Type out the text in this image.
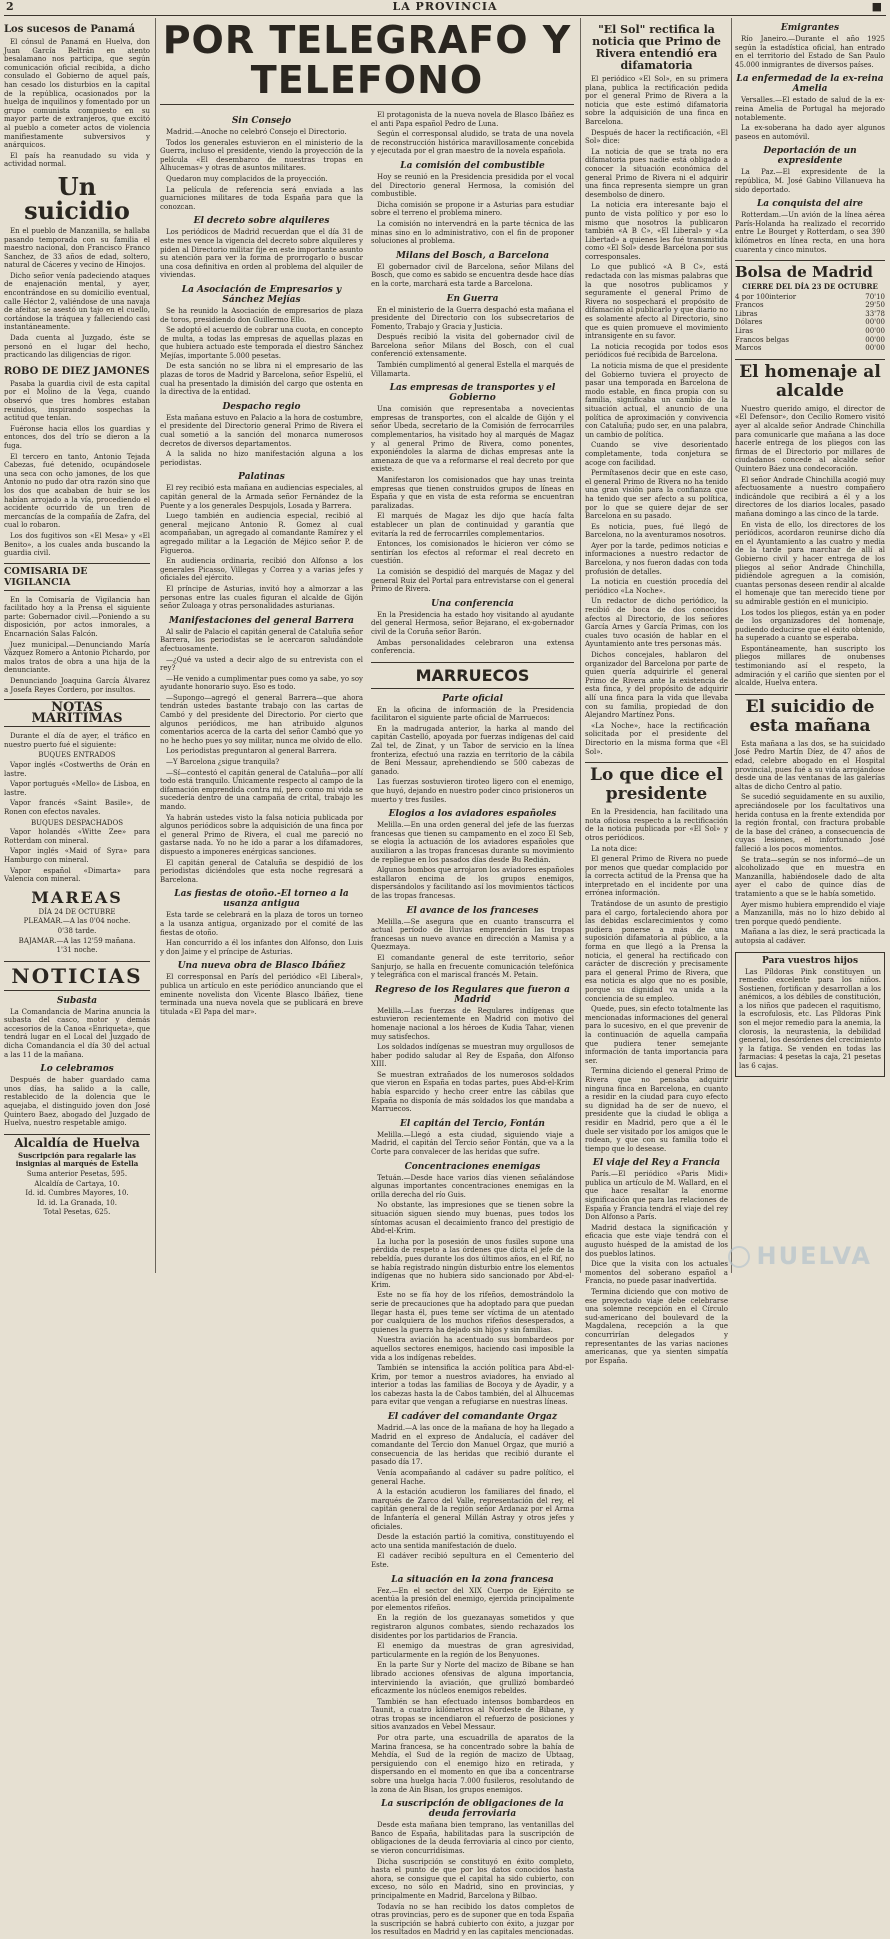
2	LA PROVINCIA	■
Los sucesos de Panamá

El cónsul de Panamá en Huelva, don Juan García Beltrán en atento besalamano nos participa, que según comunicación oficial recibida, a dicho consulado el Gobierno de aquel país, han cesado los disturbios en la capital de la república, ocasionados por la huelga de inquilinos y fomentado por un grupo comunista compuesto en su mayor parte de extranjeros, que excitó al pueblo a cometer actos de violencia manifiestamente subversivos y anárquicos.

El país ha reanudado su vida y actividad normal.

Un suicidio

En el pueblo de Manzanilla, se hallaba pasando temporada con su familia el maestro nacional, don Francisco Franco Sanchez, de 33 años de edad, soltero, natural de Cáceres y vecino de Hinojos.

Dicho señor venía padeciendo ataques de enajenación mental, y ayer, encontrándose en su domicilio eventual, calle Héctor 2, valiéndose de una navaja de afeitar, se asestó un tajo en el cuello, cortándose la tráquea y falleciendo casi instantáneamente.

Dada cuenta al Juzgado, éste se personó en el lugar del hecho, practicando las diligencias de rigor.

ROBO DE DIEZ JAMONES

Pasaba la guardia civil de esta capital por el Molino de la Vega, cuando observó que tres hombres estaban reunidos, inspirando sospechas la actitud que tenían.

Fuéronse hacia ellos los guardias y entonces, dos del trío se dieron a la fuga.

El tercero en tanto, Antonio Tejada Cabezas, fué detenido, ocupándosele una seca con ocho jamones, de los que Antonio no pudo dar otra razón sino que los dos que acababan de huir se los habían arrojado a la vía, procediendo el accidente ocurrido de un tren de mercancías de la compañía de Zafra, del cual lo robaron.

Los dos fugitivos son «El Mesa» y «El Benito», a los cuales anda buscando la guardia civil.

COMISARIA DE VIGILANCIA

En la Comisaría de Vigilancia han facilitado hoy a la Prensa el siguiente parte: Gobernador civil.—Poniendo a su disposición, por actos inmorales, a Encarnación Salas Falcón.

Juez municipal.—Denunciando María Vázquez Romero a Antonio Pichardo, por malos tratos de obra a una hija de la denunciante.

Denunciando Joaquina García Álvarez a Josefa Reyes Cordero, por insultos.

NOTAS MARÍTIMAS

Durante el día de ayer, el tráfico en nuestro puerto fué el siguiente:

BUQUES ENTRADOS

Vapor inglés «Costwerths de Orán en lastre.

Vapor portugués «Mello» de Lisboa, en lastre.

Vapor francés «Saint Basile», de Ronen con efectos navales.

BUQUES DESPACHADOS

Vapor holandés «Witte Zee» para Rotterdam con mineral.

Vapor inglés «Maid of Syra» para Hamburgo con mineral.

Vapor español «Dimarta» para Valencia con mineral.

MAREAS
DÍA 24 DE OCTUBRE
PLEAMAR.—A las 0'04 noche.
0'38 tarde.
BAJAMAR.—A las 12'59 mañana.
1'31 noche.
NOTICIAS
Subasta

La Comandancia de Marina anuncia la subasta del casco, motor y demás accesorios de la Canoa «Enriqueta», que tendrá lugar en el Local del Juzgado de dicha Comandancia el día 30 del actual a las 11 de la mañana.

Lo celebramos

Después de haber guardado cama unos días, ha salido a la calle, restablecido de la dolencia que le aquejaba, el distinguido joven don José Quintero Baez, abogado del Juzgado de Huelva, nuestro respetable amigo.

Alcaldía de Huelva
Suscripción para regalarle las insignias al marqués de Estella
Suma anterior Pesetas, 595.
Alcaldía de Cartaya, 10.
Id. id. Cumbres Mayores, 10.
Id. id. La Granada, 10.
Total Pesetas, 625.
POR TELEGRAFO Y TELEFONO
Sin Consejo

Madrid.—Anoche no celebró Consejo el Directorio.

Todos los generales estuvieron en el ministerio de la Guerra, incluso el presidente, viendo la proyección de la película «El desembarco de nuestras tropas en Alhucemas» y otras de asuntos militares.

Quedaron muy complacidos de la proyección.

La película de referencia será enviada a las guarniciones militares de toda España para que la conozcan.

El decreto sobre alquileres

Los periódicos de Madrid recuerdan que el día 31 de este mes vence la vigencia del decreto sobre alquileres y piden al Directorio militar fije en este importante asunto su atención para ver la forma de prorrogarlo o buscar una cosa definitiva en orden al problema del alquiler de viviendas.

La Asociación de Empresarios y Sánchez Mejías

Se ha reunido la Asociación de empresarios de plaza de toros, presidiendo don Guillermo Ello.

Se adoptó el acuerdo de cobrar una cuota, en concepto de multa, a todas las empresas de aquellas plazas en que hubiera actuado este temporada el diestro Sánchez Mejías, importante 5.000 pesetas.

De esta sanción no se libra ni el empresario de las plazas de toros de Madrid y Barcelona, señor Espeliú, el cual ha presentado la dimisión del cargo que ostenta en la directiva de la entidad.

Despacho regio

Esta mañana estuvo en Palacio a la hora de costumbre, el presidente del Directorio general Primo de Rivera el cual sometió a la sanción del monarca numerosos decretos de diversos departamentos.

A la salida no hizo manifestación alguna a los periodistas.

Palatinas

El rey recibió esta mañana en audiencias especiales, al capitán general de la Armada señor Fernández de la Puente y a los generales Despujols, Losada y Barrera.

Luego también en audiencia especial, recibió al general mejicano Antonio R. Gomez al cual acompañaban, un agregado al comandante Ramírez y el agregado militar a la Legación de Méjico señor P. de Figueroa.

En audiencia ordinaria, recibió don Alfonso a los generales Picasso, Villegas y Correa y a varias jefes y oficiales del ejército.

El príncipe de Asturias, invitó hoy a almorzar a las personas entre las cuales figuran el alcalde de Gijón señor Zuloaga y otras personalidades asturianas.

Manifestaciones del general Barrera

Al salir de Palacio el capitán general de Cataluña señor Barrera, los periodistas se le acercaron saludándole afectuosamente.

—¿Qué va usted a decir algo de su entrevista con el rey?

—He venido a cumplimentar pues como ya sabe, yo soy ayudante honorario suyo. Eso es todo.

—Supongo—agregó el general Barrera—que ahora tendrán ustedes bastante trabajo con las cartas de Cambó y del presidente del Directorio. Por cierto que algunos periódicos, me han atribuido algunos comentarios acerca de la carta del señor Cambó que yo no he hecho pues yo soy militar, nunca me olvido de ello.

Los periodistas preguntaron al general Barrera.

—Y Barcelona ¿sigue tranquila?

—Sí—contestó el capitán general de Cataluña—por allí todo está tranquilo. Unicamente respecto al campo de la difamación emprendida contra mí, pero como mi vida se sucedería dentro de una campaña de crital, trabajo les mando.

Ya habrán ustedes visto la falsa noticia publicada por algunos periódicos sobre la adquisición de una finca por el general Primo de Rivera, el cual me pareció no gastarse nada. Yo no he ido a parar a los difamadores, dispuesto a imponeres enérgicas sanciones.

El capitán general de Cataluña se despidió de los periodistas diciéndoles que esta noche regresará a Barcelona.

Las fiestas de otoño.-El torneo a la usanza antigua

Esta tarde se celebrará en la plaza de toros un torneo a la usanza antigua, organizado por el comité de las fiestas de otoño.

Han concurrido a él los infantes don Alfonso, don Luis y don Jaime y el príncipe de Asturias.

Una nueva obra de Blasco Ibáñez

El corresponsal en París del periódico «El Liberal», publica un artículo en este periódico anunciando que el eminente novelista don Vicente Blasco Ibáñez, tiene terminada una nueva novela que se publicará en breve titulada «El Papa del mar».

El protagonista de la nueva novela de Blasco Ibáñez es el anti Papa español Pedro de Luna.

Según el corresponsal aludido, se trata de una novela de reconstrucción histórica maravillosamente concebida y ejecutada por el gran maestro de la novela española.

La comisión del combustible

Hoy se reunió en la Presidencia presidida por el vocal del Directorio general Hermosa, la comisión del combustible.

Dicha comisión se propone ir a Asturias para estudiar sobre el terreno el problema minero.

La comisión no intervendrá en la parte técnica de las minas sino en lo administrativo, con el fin de proponer soluciones al problema.

Milans del Bosch, a Barcelona

El gobernador civil de Barcelona, señor Milans del Bosch, que como es sabido se encuentra desde hace días en la corte, marchará esta tarde a Barcelona.

En Guerra

En el ministerio de la Guerra despachó esta mañana el presidente del Directorio con los subsecretarios de Fomento, Trabajo y Gracia y Justicia.

Después recibió la visita del gobernador civil de Barcelona señor Milans del Bosch, con el cual conferenció extensamente.

También cumplimentó al general Estella el marqués de Villamarta.

Las empresas de transportes y el Gobierno

Una comisión que representaba a novecientas empresas de transportes, con el alcalde de Gijón y el señor Ubeda, secretario de la Comisión de ferrocarriles complementarios, ha visitado hoy al marqués de Magaz y al general Primo de Rivera, como ponentes, exponiéndoles la alarma de dichas empresas ante la amenaza de que va a reformarse el real decreto por que existe.

Manifestaron los comisionados que hay unas treinta empresas que tienen construidos grupos de líneas en España y que en vista de esta reforma se encuentran paralizadas.

El marqués de Magaz les dijo que hacía falta establecer un plan de continuidad y garantía que evitaría la red de ferrocarriles complementarios.

Entonces, los comisionados le hicieron ver cómo se sentirían los efectos al reformar el real decreto en cuestión.

La comisión se despidió del marqués de Magaz y del general Ruiz del Portal para entrevistarse con el general Primo de Rivera.

Una conferencia

En la Presidencia ha estado hoy visitando al ayudante del general Hermosa, señor Bejarano, el ex-gobernador civil de la Coruña señor Barón.

Ambas personalidades celebraron una extensa conferencia.

MARRUECOS
Parte oficial

En la oficina de información de la Presidencia facilitaron el siguiente parte oficial de Marruecos:

En la madrugada anterior, la harka al mando del capitán Castelló, apoyada por fuerzas indígenas del caid Zal tel, de Zinat, y un Tabor de servicio en la línea fronteriza, efectuó una razzia en territorio de la cábila de Beni Messaur, aprehendiendo se 500 cabezas de ganado.

Las fuerzas sostuvieron tiroteo ligero con el enemigo, que huyó, dejando en nuestro poder cinco prisioneros un muerto y tres fusiles.

Elogios a los aviadores españoles

Melilla.—En una orden general del jefe de las fuerzas francesas que tienen su campamento en el zoco El Seb, se elogia la actuación de los aviadores españoles que auxiliaron a las tropas francesas durante su movimiento de repliegue en los pasados días desde Bu Redián.

Algunos bombos que arrojaron los aviadores españoles estallaron encima de los grupos enemigos, dispersándolos y facilitando así los movimientos tácticos de las tropas francesas.

El avance de los franceses

Melilla.—Se asegura que en cuanto transcurra el actual período de lluvias emprenderán las tropas francesas un nuevo avance en dirección a Mamisa y a Quezmaya.

El comandante general de este territorio, señor Sanjurjo, se halla en frecuente comunicación telefónica y telegráfica con el mariscal francés M. Petain.

Regreso de los Regulares que fueron a Madrid

Melilla.—Las fuerzas de Regulares indígenas que estuvieron recientemente en Madrid con motivo del homenaje nacional a los héroes de Kudia Tahar, vienen muy satisfechos.

Los soldados indígenas se muestran muy orgullosos de haber podido saludar al Rey de España, don Alfonso XIII.

Se muestran extrañados de los numerosos soldados que vieron en España en todas partes, pues Abd-el-Krim había esparcido y hecho creer entre las cábilas que España no disponía de más soldados los que mandaba a Marruecos.

El capitán del Tercio, Fontán

Melilla.—Llegó a esta ciudad, siguiendo viaje a Madrid, el capitán del Tercio señor Fontán, que va a la Corte para convalecer de las heridas que sufre.

Concentraciones enemigas

Tetuán.—Desde hace varios días vienen señalándose algunas importantes concentraciones enemigas en la orilla derecha del río Guis.

No obstante, las impresiones que se tienen sobre la situación siguen siendo muy buenas, pues todos los síntomas acusan el decaimiento franco del prestigio de Abd-el-Krim.

La lucha por la posesión de unos fusiles supone una pérdida de respeto a las órdenes que dicta el jefe de la rebeldía, pues durante los dos últimos años, en el Rif, no se había registrado ningún disturbio entre los elementos indígenas que no hubiera sido sancionado por Abd-el-Krim.

Este no se fía hoy de los rifeños, demostrándolo la serie de precauciones que ha adoptado para que puedan llegar hasta él, pues teme ser víctima de un atentado por cualquiera de los muchos rifeños desesperados, a quienes la guerra ha dejado sin hijos y sin familias.

Nuestra aviación ha acentuado sus bombardeos por aquellos sectores enemigos, haciendo casi imposible la vida a los indígenas rebeldes.

También se intensifica la acción política para Abd-el-Krim, por temor a nuestros aviadores, ha enviado al interior a todas las familias de Bocoya y de Ayadir, y a los cabezas hasta la de Cabos también, del al Alhucemas para evitar que vengan a refugiarse en nuestras líneas.

El cadáver del comandante Orgaz

Madrid.—A las once de la mañana de hoy ha llegado a Madrid en el expreso de Andalucía, el cadáver del comandante del Tercio don Manuel Orgaz, que murió a consecuencia de las heridas que recibió durante el pasado día 17.

Venía acompañando al cadáver su padre político, el general Hache.

A la estación acudieron los familiares del finado, el marqués de Zarco del Valle, representación del rey, el capitán general de la región señor Ardanaz por el Arma de Infantería el general Millán Astray y otros jefes y oficiales.

Desde la estación partió la comitiva, constituyendo el acto una sentida manifestación de duelo.

El cadáver recibió sepultura en el Cementerio del Este.

La situación en la zona francesa

Fez.—En el sector del XIX Cuerpo de Ejército se acentúa la presión del enemigo, ejercida principalmente por elementos rifeños.

En la región de los guezanayas sometidos y que registraron algunos combates, siendo rechazados los disidentes por los partidarios de Francia.

El enemigo da muestras de gran agresividad, particularmente en la región de los Benyuones.

En la parte Sur y Norte del macizo de Bibane se han librado acciones ofensivas de alguna importancia, interviniendo la aviación, que grullizó bombardeó eficazmente los núcleos enemigos rebeldes.

También se han efectuado intensos bombardeos en Taunit, a cuatro kilómetros al Nordeste de Bibane, y otras tropas se incendiaron el refuerzo de posiciones y sitios avanzados en Vebel Messaur.

Por otra parte, una escuadrilla de aparatos de la Marina francesa, se ha concentrado sobre la bahía de Mehdía, el Sud de la región de macizo de Ubtaag, persiguiendo con el enemigo hizo en retirada, y dispersando en el momento en que iba a concentrarse sobre una huelga hacia 7.000 fusileros, resolutando de la zona de Ain Bisan, los grupos enemigos.

La suscripción de obligaciones de la deuda ferroviaria

Desde esta mañana bien temprano, las ventanillas del Banco de España, habilitadas para la suscripción de obligaciones de la deuda ferroviaria al cinco por ciento, se vieron concurridísimas.

Dicha suscripción se constituyó en éxito completo, hasta el punto de que por los datos conocidos hasta ahora, se consigue que el capital ha sido cubierto, con exceso, no sólo en Madrid, sino en provincias, y principalmente en Madrid, Barcelona y Bilbao.

Todavía no se han recibido los datos completos de otras provincias, pero es de suponer que en toda España la suscripción se habrá cubierto con éxito, a juzgar por los resultados en Madrid y en las capitales mencionadas.

"El Sol" rectifica la noticia que Primo de Rivera entendió era difamatoria

El periódico «El Sol», en su primera plana, publica la rectificación pedida por el general Primo de Rivera a la noticia que este estimó difamatoria sobre la adquisición de una finca en Barcelona.

Después de hacer la rectificación, «El Sol» dice:

La noticia de que se trata no era difamatoria pues nadie está obligado a conocer la situación económica del general Primo de Rivera ni el adquirir una finca representa siempre un gran desembolso de dinero.

La noticia era interesante bajo el punto de vista político y por eso lo mismo que nosotros la publicaron también «A B C», «El Liberal» y «La Libertad» a quienes les fué transmitida como «El Sol» desde Barcelona por sus corresponsales.

Lo que publicó «A B C», está redactada con las mismas palabras que la que nosotros publicamos y seguramente el general Primo de Rivera no sospechará el propósito de difamación al publicarlo y que diario no es solamente afecto al Directorio, sino que es quien promueve el movimiento intransigente en su favor.

La noticia recogida por todos esos periódicos fué recibida de Barcelona.

La noticia misma de que el presidente del Gobierno tuviera el proyecto de pasar una temporada en Barcelona de modo estable, en finca propia con su familia, significaba un cambio de la situación actual, el anuncio de una política de aproximación y convivencia con Cataluña; pudo ser, en una palabra, un cambio de política.

Cuando se vive desorientado completamente, toda conjetura se acoge con facilidad.

Permítasenos decir que en este caso, el general Primo de Rivera no ha tenido una gran visión para la confianza que ha tenido que ser afecto a su política, por lo que se quiere dejar de ser Barcelona en su pasado.

Es noticia, pues, fué llegó de Barcelona, no la aventuramos nosotros.

Ayer por la tarde, pedimos noticias e informaciones a nuestro redactor de Barcelona, y nos fueron dadas con toda profusión de detalles.

La noticia en cuestión procedía del periódico «La Noche».

Un redactor de dicho periódico, la recibió de boca de dos conocidos afectos al Directorio, de los señores García Arnes y García Primas, con los cuales tuvo ocasión de hablar en el Ayuntamiento ante tres personas más.

Dichos concejales, hablaron del organizador del Barcelona por parte de quien quería adquirirle el general Primo de Rivera ante la existencia de esta finca, y del propósito de adquirir allí una finca para la vida que llevaba con su familia, propiedad de don Alejandro Martínez Pons.

«La Noche», hace la rectificación solicitada por el presidente del Directorio en la misma forma que «El Sol».

Lo que dice el presidente

En la Presidencia, han facilitado una nota oficiosa respecto a la rectificación de la noticia publicada por «El Sol» y otros periódicos.

La nota dice:

El general Primo de Rivera no puede por menos que quedar complacido por la correcta actitud de la Prensa que ha interpretado en el incidente por una errónea información.

Tratándose de un asunto de prestigio para el cargo, fortaleciendo ahora por las debidas esclarecimientos y como pudiera ponerse a más de una suposición difamatoria al público, a la forma en que llegó a la Prensa la noticia, el general ha rectificado con carácter de discreción y precisamente para el general Primo de Rivera, que esa noticia es algo que no es posible, porque su dignidad va unida a la conciencia de su empleo.

Quede, pues, sin efecto totalmente las mencionadas informaciones del general para lo sucesivo, en el que prevenir de la continuación de aquella campaña que pudiera tener semejante información de tanta importancia para ser.

Termina diciendo el general Primo de Rivera que no pensaba adquirir ninguna finca en Barcelona, en cuanto a residir en la ciudad para cuyo efecto su dignidad ha de ser de nuevo, el presidente que la ciudad le obliga a residir en Madrid, pero que a él le duele ser visitado por los amigos que le rodean, y que con su familia todo el tiempo que lo desease.

El viaje del Rey a Francia

París.—El periódico «Paris Midi» publica un artículo de M. Wallard, en el que hace resaltar la enorme significación que para las relaciones de España y Francia tendrá el viaje del rey Don Alfonso a París.

Madrid destaca la significación y eficacia que este viaje tendrá con el augusto huésped de la amistad de los dos pueblos latinos.

Dice que la visita con los actuales momentos del soberano español a Francia, no puede pasar inadvertida.

Termina diciendo que con motivo de ese proyectado viaje debe celebrarse una solemne recepción en el Círculo sud-americano del boulevard de la Magdalena, recepción a la que concurrirían delegados y representantes de las varias naciones americanas, que ya sienten simpatía por España.

Emigrantes

Río Janeiro.—Durante el año 1925 según la estadística oficial, han entrado en el territorio del Estado de San Paulo 45.000 inmigrantes de diversos países.

La enfermedad de la ex-reina Amelia

Versalles.—El estado de salud de la ex-reina Amelia de Portugal ha mejorado notablemente.

La ex-soberana ha dado ayer algunos paseos en automóvil.

Deportación de un expresidente

La Paz.—El expresidente de la república, M. José Gabino Villanueva ha sido deportado.

La conquista del aire

Rotterdam.—Un avión de la línea aérea París-Holanda ha realizado el recorrido entre Le Bourget y Rotterdam, o sea 390 kilómetros en línea recta, en una hora cuarenta y cinco minutos.

Bolsa de Madrid
CIERRE DEL DÍA 23 DE OCTUBRE
4 por 100interior	70'10
Francos	29'50
Libras	33'78
Dólares	00'00
Liras	00'00
Francos belgas	00'00
Marcos	00'00
El homenaje al alcalde

Nuestro querido amigo, el director de «El Defensor», don Cecilio Romero visitó ayer al alcalde señor Andrade Chinchilla para comunicarle que mañana a las doce hacerle entrega de los pliegos con las firmas de el Directorio por millares de ciudadanos concede al alcalde señor Quintero Báez una condecoración.

El señor Andrade Chinchilla acogió muy afectuosamente a nuestro compañero indicándole que recibirá a él y a los directores de los diarios locales, pasado mañana domingo a las cinco de la tarde.

En vista de ello, los directores de los periódicos, acordaron reunirse dicho día en el Ayuntamiento a las cuatro y media de la tarde para marchar de allí al Gobierno civil y hacer entrega de los pliegos al señor Andrade Chinchilla, pidiéndole agreguen a la comisión, cuantas personas deseen rendir al alcalde el homenaje que tan merecido tiene por su admirable gestión en el municipio.

Los todos los pliegos, están ya en poder de los organizadores del homenaje, pudiendo deducirse que el éxito obtenido, ha superado a cuanto se esperaba.

Espontáneamente, han suscripto los pliegos millares de onubenses testimoniando así el respeto, la admiración y el cariño que sienten por el alcalde, Huelva entera.

El suicidio de esta mañana

Esta mañana a las dos, se ha suicidado José Pedro Martín Díez, de 47 años de edad, celebre abogado en el Hospital provincial, pues fué a su vida arrojándose desde una de las ventanas de las galerías altas de dicho Centro al patio.

Se sucedió seguidamente en su auxilio, apreciándosele por los facultativos una herida contusa en la frente extendida por la región frontal, con fractura probable de la base del cráneo, a consecuencia de cuyas lesiones, el infortunado José falleció a los pocos momentos.

Se trata—según se nos informó—de un alcoholizado que en muestra en Manzanilla, habiéndosele dado de alta ayer el cabo de quince días de tratamiento a que se le había sometido.

Ayer mismo hubiera emprendido el viaje a Manzanilla, más no lo hizo debido al tren porque quedó pendiente.

Mañana a las diez, le será practicada la autopsia al cadáver.

Para vuestros hijos

Las Píldoras Pink constituyen un remedio excelente para los niños. Sostienen, fortifican y desarrollan a los anémicos, a los débiles de constitución, a los niños que padecen el raquitismo, la escrofulosis, etc. Las Píldoras Pink son el mejor remedio para la anemia, la clorosis, la neurastenia, la debilidad general, los desórdenes del crecimiento y la fatiga. Se venden en todas las farmacias: 4 pesetas la caja, 21 pesetas las 6 cajas.

HUELVA
